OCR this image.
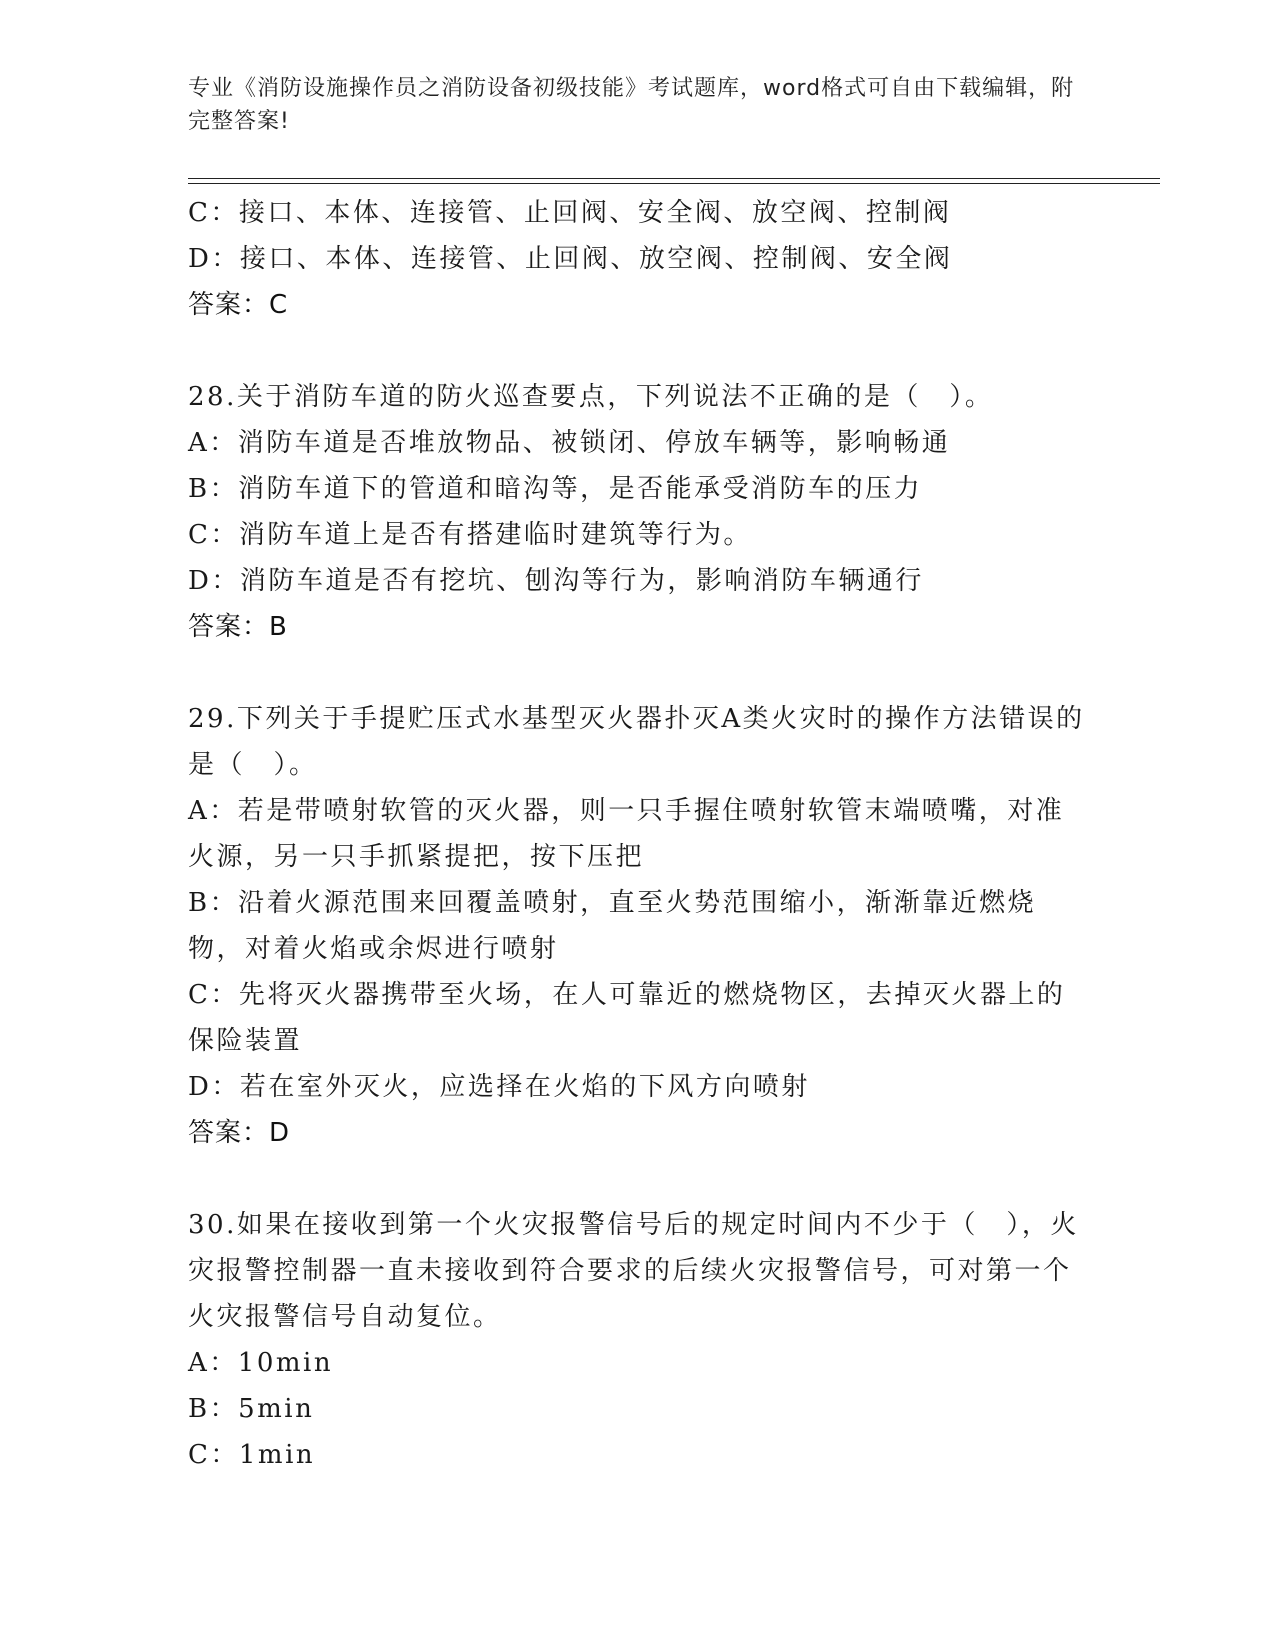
专业《消防设施操作员之消防设备初级技能》考试题库，word格式可自由下载编辑，附完整答案!
C：接口、本体、连接管、止回阀、安全阀、放空阀、控制阀
D：接口、本体、连接管、止回阀、放空阀、控制阀、安全阀
答案：C
28.关于消防车道的防火巡查要点，下列说法不正确的是（　）。
A：消防车道是否堆放物品、被锁闭、停放车辆等，影响畅通
B：消防车道下的管道和暗沟等，是否能承受消防车的压力
C：消防车道上是否有搭建临时建筑等行为。
D：消防车道是否有挖坑、刨沟等行为，影响消防车辆通行
答案：B
29.下列关于手提贮压式水基型灭火器扑灭A类火灾时的操作方法错误的是（　）。
A：若是带喷射软管的灭火器，则一只手握住喷射软管末端喷嘴，对准火源，另一只手抓紧提把，按下压把
B：沿着火源范围来回覆盖喷射，直至火势范围缩小，渐渐靠近燃烧物，对着火焰或余烬进行喷射
C：先将灭火器携带至火场，在人可靠近的燃烧物区，去掉灭火器上的保险装置
D：若在室外灭火，应选择在火焰的下风方向喷射
答案：D
30.如果在接收到第一个火灾报警信号后的规定时间内不少于（　），火灾报警控制器一直未接收到符合要求的后续火灾报警信号，可对第一个火灾报警信号自动复位。
A：10min
B：5min
C：1min
